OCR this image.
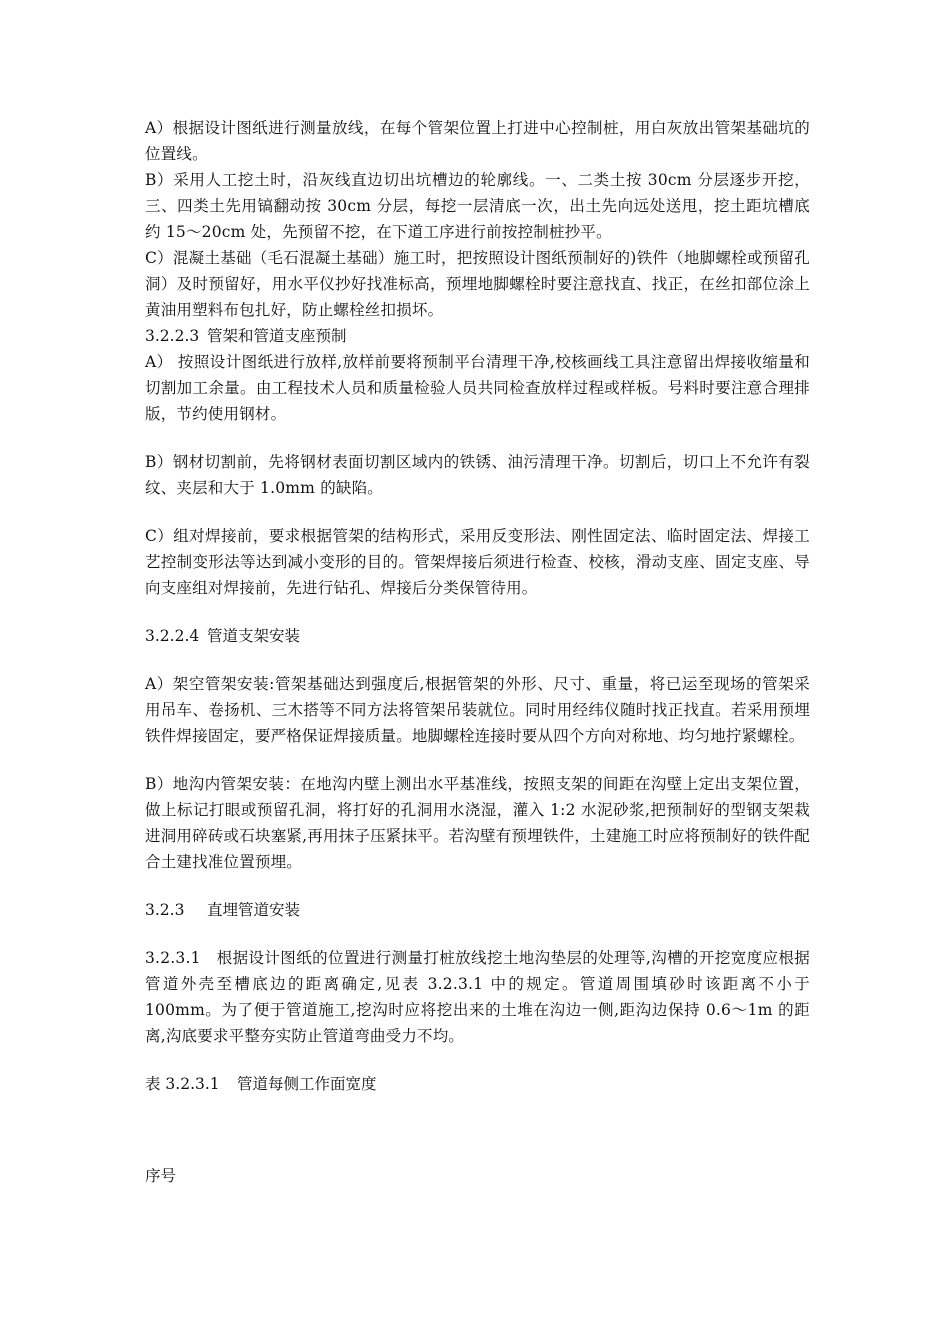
A）根据设计图纸进行测量放线，在每个管架位置上打进中心控制桩，用白灰放出管架基础坑的位置线。

B）采用人工挖土时，沿灰线直边切出坑槽边的轮廓线。一、二类土按 30cm 分层逐步开挖，三、四类土先用镐翻动按 30cm 分层，每挖一层清底一次，出土先向远处送甩，挖土距坑槽底约 15～20cm 处，先预留不挖，在下道工序进行前按控制桩抄平。

C）混凝土基础（毛石混凝土基础）施工时，把按照设计图纸预制好的)铁件（地脚螺栓或预留孔洞）及时预留好，用水平仪抄好找准标高，预埋地脚螺栓时要注意找直、找正，在丝扣部位涂上黄油用塑料布包扎好，防止螺栓丝扣损坏。

3.2.2.3 管架和管道支座预制

A） 按照设计图纸进行放样,放样前要将预制平台清理干净,校核画线工具注意留出焊接收缩量和切割加工余量。由工程技术人员和质量检验人员共同检查放样过程或样板。号料时要注意合理排版，节约使用钢材。

B）钢材切割前，先将钢材表面切割区域内的铁锈、油污清理干净。切割后，切口上不允许有裂纹、夹层和大于 1.0mm 的缺陷。

C）组对焊接前，要求根据管架的结构形式，采用反变形法、刚性固定法、临时固定法、焊接工艺控制变形法等达到减小变形的目的。管架焊接后须进行检查、校核，滑动支座、固定支座、导向支座组对焊接前，先进行钻孔、焊接后分类保管待用。

3.2.2.4 管道支架安装

A）架空管架安装:管架基础达到强度后,根据管架的外形、尺寸、重量，将已运至现场的管架采用吊车、卷扬机、三木搭等不同方法将管架吊装就位。同时用经纬仪随时找正找直。若采用预埋铁件焊接固定，要严格保证焊接质量。地脚螺栓连接时要从四个方向对称地、均匀地拧紧螺栓。

B）地沟内管架安装：在地沟内壁上测出水平基准线，按照支架的间距在沟壁上定出支架位置，做上标记打眼或预留孔洞，将打好的孔洞用水浇湿，灌入 1:2 水泥砂浆,把预制好的型钢支架栽进洞用碎砖或石块塞紧,再用抹子压紧抹平。若沟壁有预埋铁件，土建施工时应将预制好的铁件配合土建找准位置预埋。

3.2.3 直埋管道安装

3.2.3.1　根据设计图纸的位置进行测量打桩放线挖土地沟垫层的处理等,沟槽的开挖宽度应根据管道外壳至槽底边的距离确定,见表 3.2.3.1 中的规定。管道周围填砂时该距离不小于 100mm。为了便于管道施工,挖沟时应将挖出来的土堆在沟边一侧,距沟边保持 0.6～1m 的距离,沟底要求平整夯实防止管道弯曲受力不均。

表 3.2.3.1 管道每侧工作面宽度

序号
